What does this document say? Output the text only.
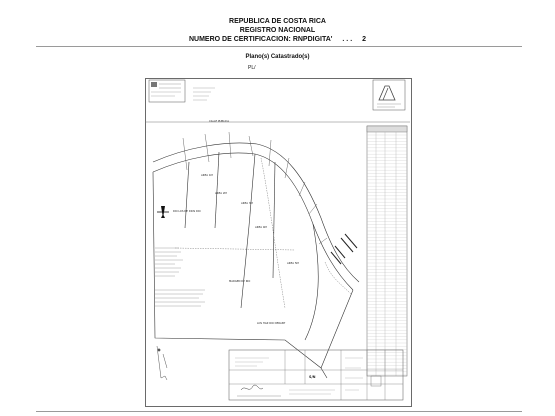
REPUBLICA DE COSTA RICA
REGISTRO NACIONAL
NUMERO DE CERTIFICACION: RNPDIGITA' . . . 2
Plano(s) Catastrado(s)
PL/
AREA 1M
AREA 2M
AREA 3M
AREA 4M
AREA 5M
CALLE PUBLICA
RIO LOS DE DIOS RIO
MARGEN DE RIO
LOS HAZ RIO DERANT
S/N
